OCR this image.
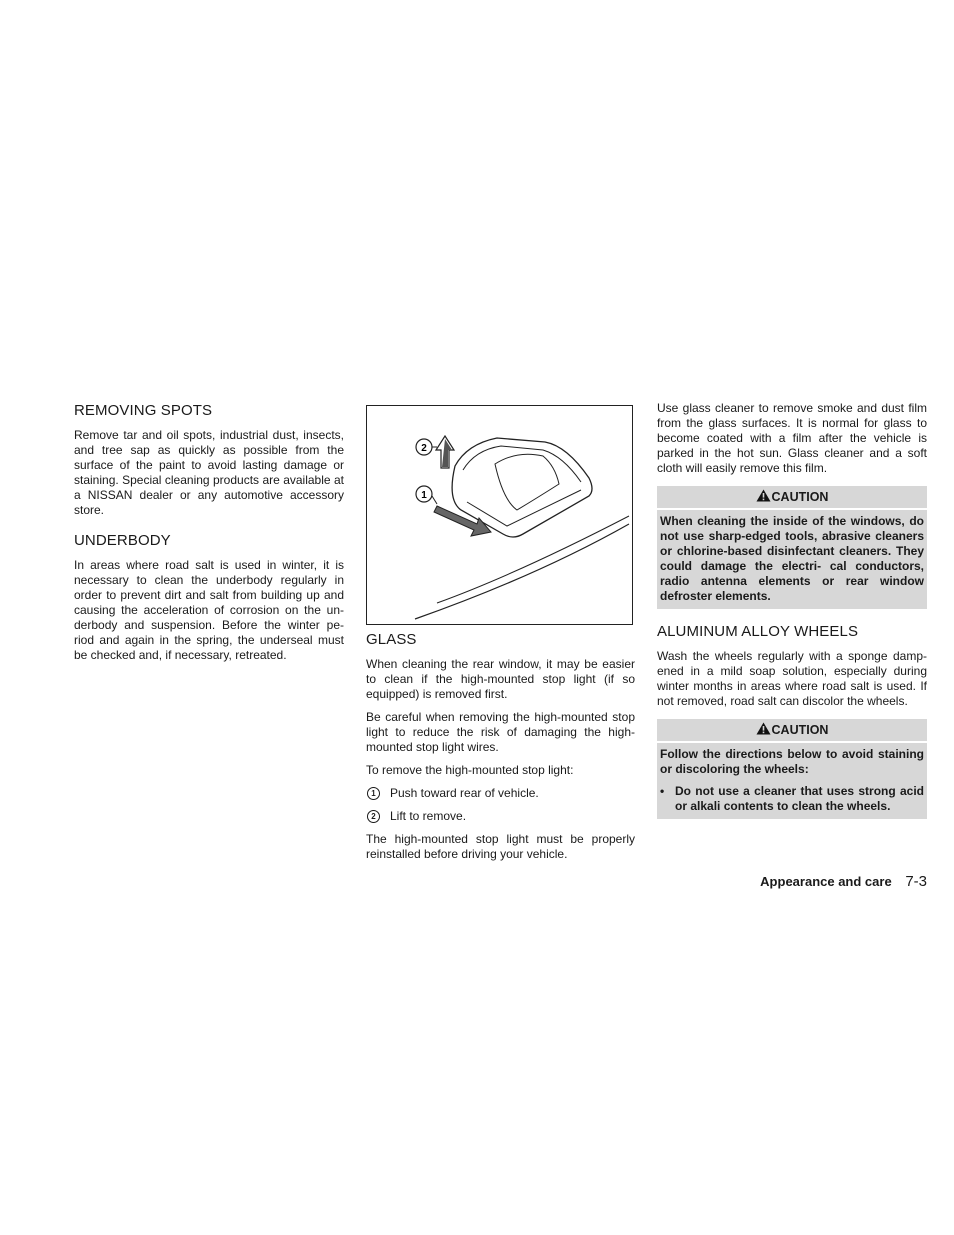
REMOVING SPOTS

Remove tar and oil spots, industrial dust, insects, and tree sap as quickly as possible from the surface of the paint to avoid lasting damage or staining. Special cleaning products are available at a NISSAN dealer or any automotive accessory store.

UNDERBODY

In areas where road salt is used in winter, it is necessary to clean the underbody regularly in order to prevent dirt and salt from building up and causing the acceleration of corrosion on the un- derbody and suspension. Before the winter pe- riod and again in the spring, the underseal must be checked and, if necessary, retreated.

2
1
GLASS

When cleaning the rear window, it may be easier to clean if the high-mounted stop light (if so equipped) is removed first.

Be careful when removing the high-mounted stop light to reduce the risk of damaging the high-mounted stop light wires.

To remove the high-mounted stop light:

1	Push toward rear of vehicle.
2	Lift to remove.

The high-mounted stop light must be properly reinstalled before driving your vehicle.

Use glass cleaner to remove smoke and dust film from the glass surfaces. It is normal for glass to become coated with a film after the vehicle is parked in the hot sun. Glass cleaner and a soft cloth will easily remove this film.

CAUTION

When cleaning the inside of the windows, do not use sharp-edged tools, abrasive cleaners or chlorine-based disinfectant cleaners. They could damage the electri- cal conductors, radio antenna elements or rear window defroster elements.

ALUMINUM ALLOY WHEELS

Wash the wheels regularly with a sponge damp- ened in a mild soap solution, especially during winter months in areas where road salt is used. If not removed, road salt can discolor the wheels.

CAUTION

Follow the directions below to avoid staining or discoloring the wheels:

• Do not use a cleaner that uses strong acid or alkali contents to clean the wheels.
Appearance and care 7-3
